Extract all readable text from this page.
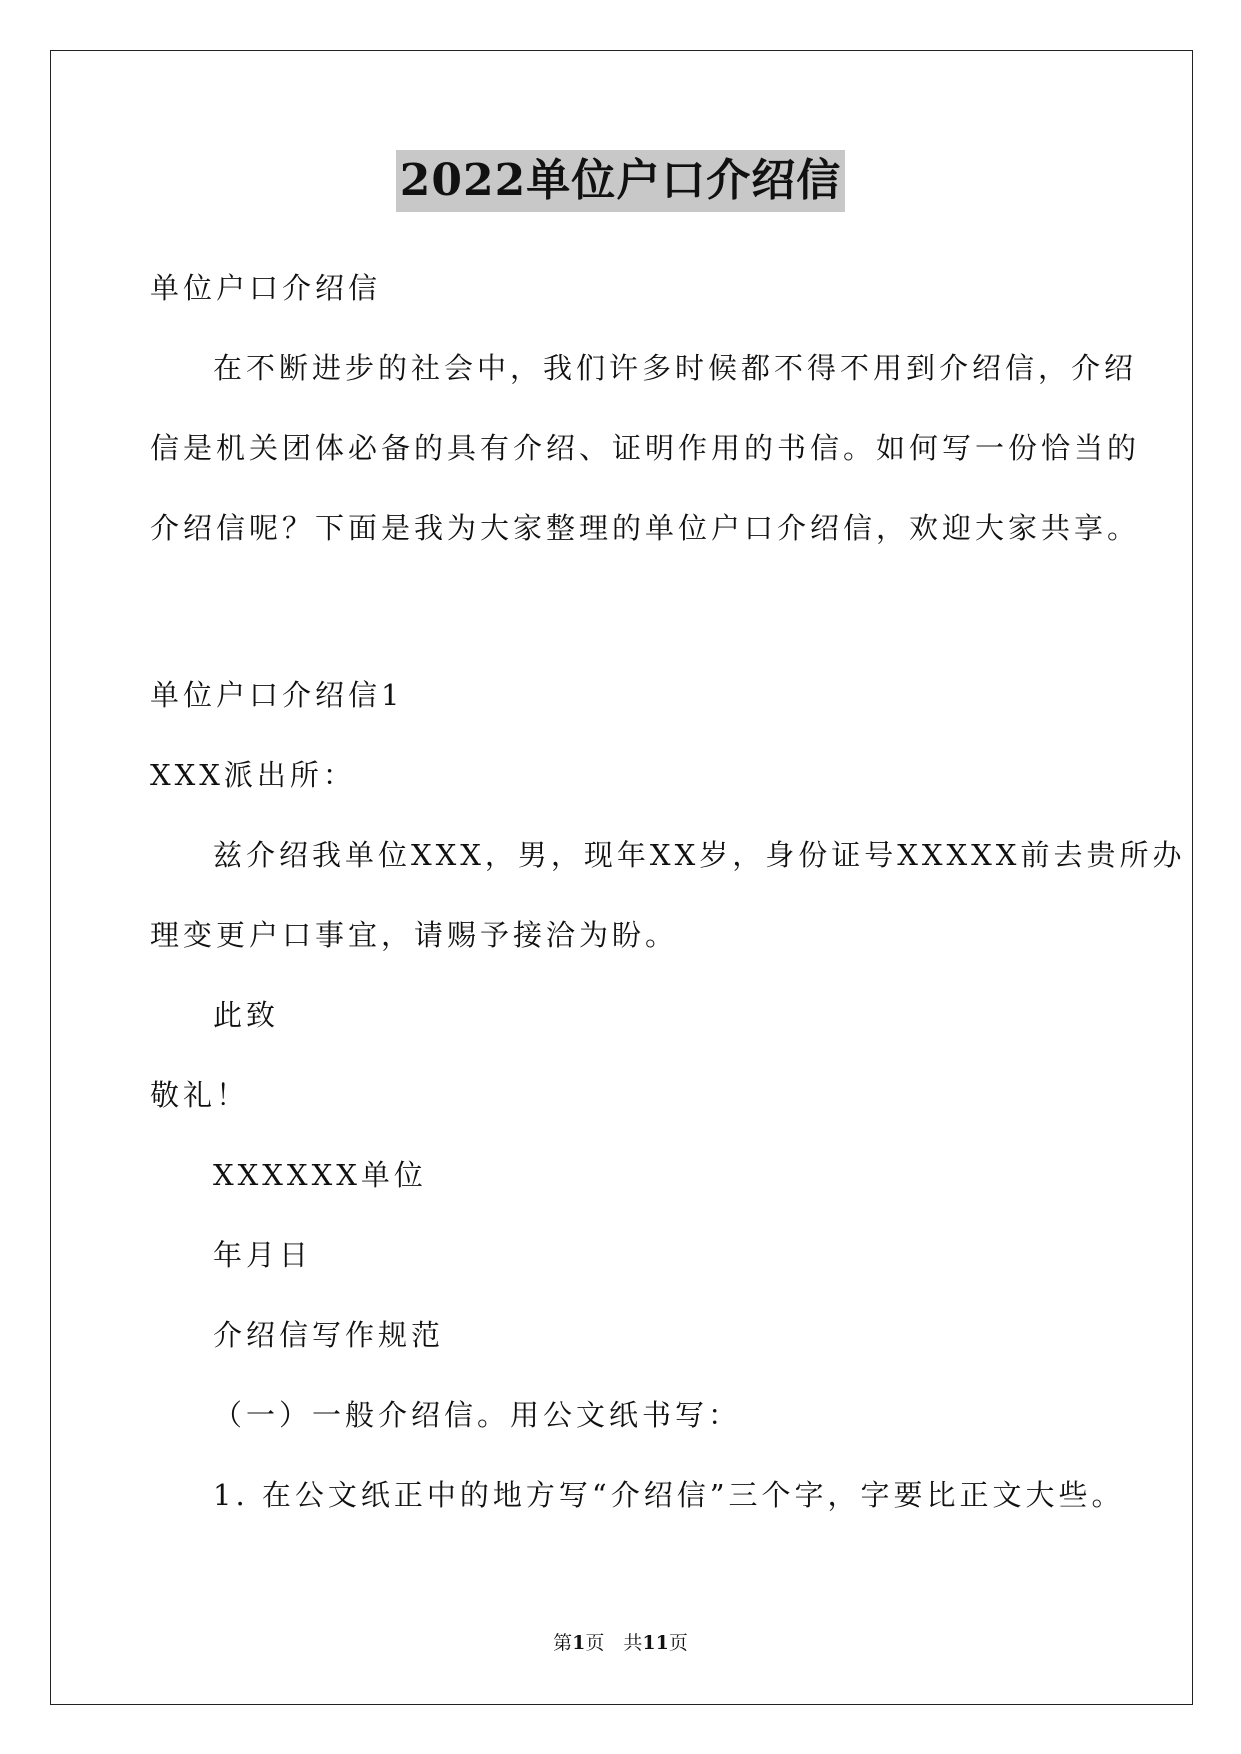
2022单位户口介绍信
单位户口介绍信
在不断进步的社会中，我们许多时候都不得不用到介绍信，介绍
信是机关团体必备的具有介绍、证明作用的书信。如何写一份恰当的
介绍信呢？下面是我为大家整理的单位户口介绍信，欢迎大家共享。
单位户口介绍信1
XXX派出所：
兹介绍我单位XXX，男，现年XX岁，身份证号XXXXX前去贵所办
理变更户口事宜，请赐予接洽为盼。
此致
敬礼！
XXXXXX单位
年月日
介绍信写作规范
（一）一般介绍信。用公文纸书写：
1. 在公文纸正中的地方写“介绍信”三个字，字要比正文大些。
第1页　共11页
